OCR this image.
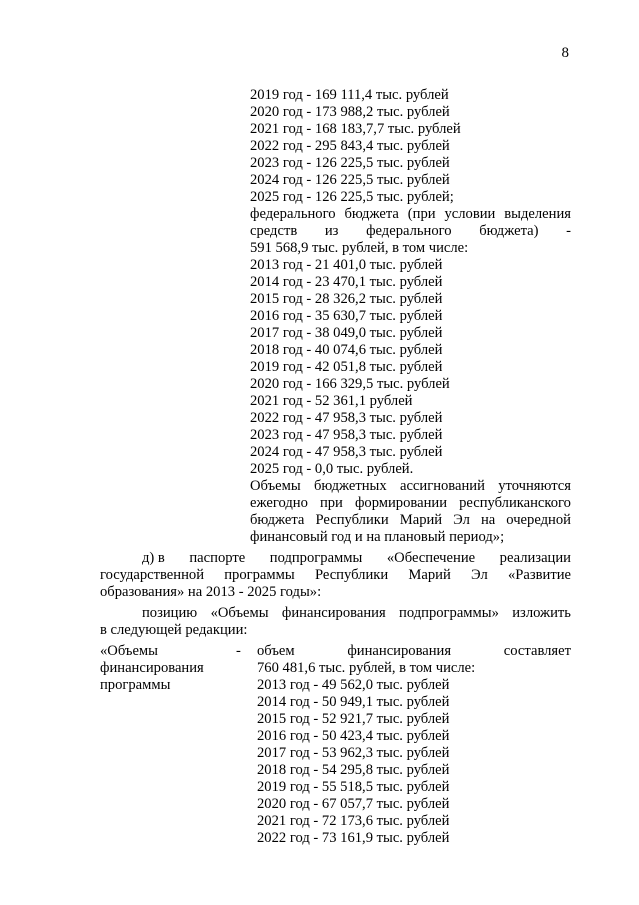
8
2019 год - 169 111,4 тыс. рублей
2020 год - 173 988,2 тыс. рублей
2021 год - 168 183,7,7 тыс. рублей
2022 год - 295 843,4 тыс. рублей
2023 год - 126 225,5 тыс. рублей
2024 год - 126 225,5 тыс. рублей
2025 год - 126 225,5 тыс. рублей;
федерального бюджета (при условии выделения
средств из федерального бюджета) -
591 568,9 тыс. рублей, в том числе:
2013 год - 21 401,0 тыс. рублей
2014 год - 23 470,1 тыс. рублей
2015 год - 28 326,2 тыс. рублей
2016 год - 35 630,7 тыс. рублей
2017 год - 38 049,0 тыс. рублей
2018 год - 40 074,6 тыс. рублей
2019 год - 42 051,8 тыс. рублей
2020 год - 166 329,5 тыс. рублей
2021 год - 52 361,1 рублей
2022 год - 47 958,3 тыс. рублей
2023 год - 47 958,3 тыс. рублей
2024 год - 47 958,3 тыс. рублей
2025 год - 0,0 тыс. рублей.
Объемы бюджетных ассигнований уточняются
ежегодно при формировании республиканского
бюджета Республики Марий Эл на очередной
финансовый год и на плановый период»;
д) в паспорте подпрограммы «Обеспечение реализации
государственной программы Республики Марий Эл «Развитие
образования» на 2013 - 2025 годы»:
позицию «Объемы финансирования подпрограммы» изложить
в следующей редакции:
«Объемы
финансирования
программы
- объем	финансирования	составляет
760 481,6 тыс. рублей, в том числе:
2013 год - 49 562,0 тыс. рублей
2014 год - 50 949,1 тыс. рублей
2015 год - 52 921,7 тыс. рублей
2016 год - 50 423,4 тыс. рублей
2017 год - 53 962,3 тыс. рублей
2018 год - 54 295,8 тыс. рублей
2019 год - 55 518,5 тыс. рублей
2020 год - 67 057,7 тыс. рублей
2021 год - 72 173,6 тыс. рублей
2022 год - 73 161,9 тыс. рублей
